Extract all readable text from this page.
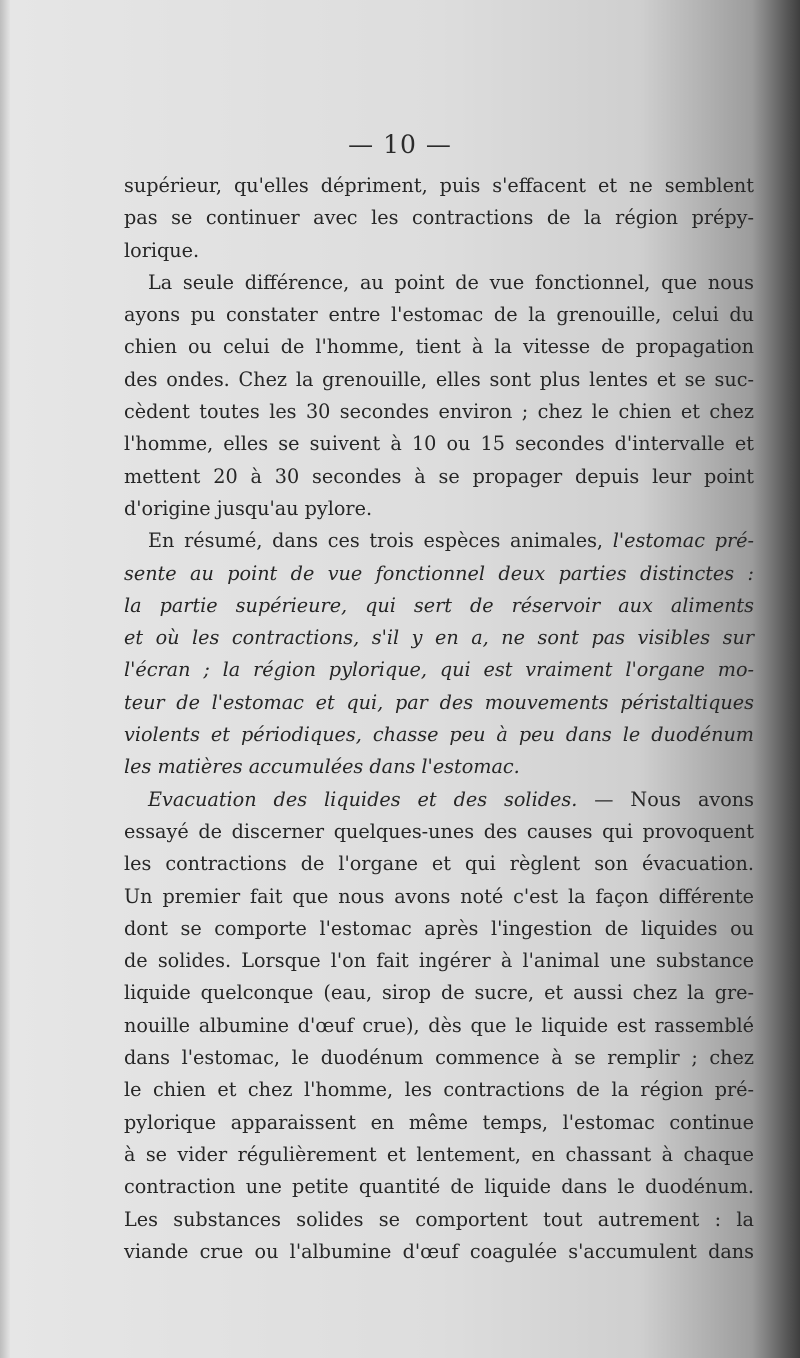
— 10 —
supérieur, qu'elles dépriment, puis s'effacent et ne semblent
pas se continuer avec les contractions de la région prépy-
lorique.
La seule différence, au point de vue fonctionnel, que nous
ayons pu constater entre l'estomac de la grenouille, celui du
chien ou celui de l'homme, tient à la vitesse de propagation
des ondes. Chez la grenouille, elles sont plus lentes et se suc-
cèdent toutes les 30 secondes environ ; chez le chien et chez
l'homme, elles se suivent à 10 ou 15 secondes d'intervalle et
mettent 20 à 30 secondes à se propager depuis leur point
d'origine jusqu'au pylore.
En résumé, dans ces trois espèces animales, l'estomac pré-
sente au point de vue fonctionnel deux parties distinctes :
la partie supérieure, qui sert de réservoir aux aliments
et où les contractions, s'il y en a, ne sont pas visibles sur
l'écran ; la région pylorique, qui est vraiment l'organe mo-
teur de l'estomac et qui, par des mouvements péristaltiques
violents et périodiques, chasse peu à peu dans le duodénum
les matières accumulées dans l'estomac.
Evacuation des liquides et des solides. — Nous avons
essayé de discerner quelques-unes des causes qui provoquent
les contractions de l'organe et qui règlent son évacuation.
Un premier fait que nous avons noté c'est la façon différente
dont se comporte l'estomac après l'ingestion de liquides ou
de solides. Lorsque l'on fait ingérer à l'animal une substance
liquide quelconque (eau, sirop de sucre, et aussi chez la gre-
nouille albumine d'œuf crue), dès que le liquide est rassemblé
dans l'estomac, le duodénum commence à se remplir ; chez
le chien et chez l'homme, les contractions de la région pré-
pylorique apparaissent en même temps, l'estomac continue
à se vider régulièrement et lentement, en chassant à chaque
contraction une petite quantité de liquide dans le duodénum.
Les substances solides se comportent tout autrement : la
viande crue ou l'albumine d'œuf coagulée s'accumulent dans
